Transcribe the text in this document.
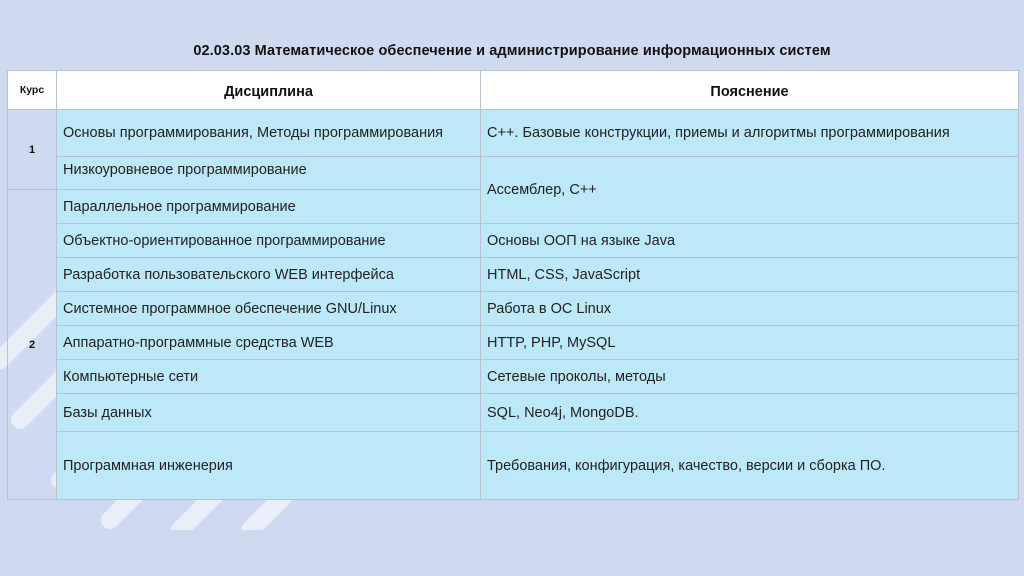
02.03.03 Математическое обеспечение и администрирование информационных систем
Курс	Дисциплина	Пояснение
1	Основы программирования, Методы программирования	С++. Базовые конструкции, приемы и алгоритмы программирования
	Низкоуровневое программирование	Ассемблер, С++
2	Параллельное программирование	
	Объектно-ориентированное программирование	Основы ООП на языке Java
	Разработка пользовательского WEB интерфейса	HTML, CSS, JavaScript
	Системное программное обеспечение GNU/Linux	Работа в ОС Linux
	Аппаратно-программные средства WEB	HTTP, PHP, MySQL
	Компьютерные сети	Сетевые проколы, методы
	Базы данных	SQL, Neo4j, MongoDB.
	Программная инженерия	Требования, конфигурация, качество, версии и сборка ПО.
